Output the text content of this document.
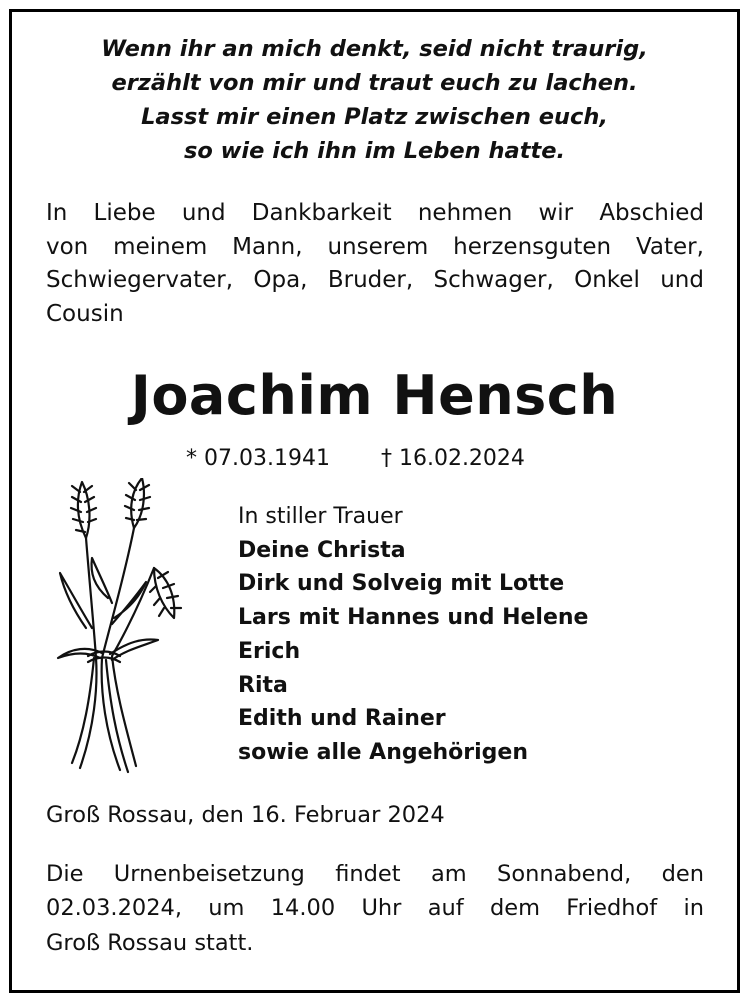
Wenn ihr an mich denkt, seid nicht traurig,
erzählt von mir und traut euch zu lachen.
Lasst mir einen Platz zwischen euch,
so wie ich ihn im Leben hatte.
In Liebe und Dankbarkeit nehmen wir Abschied
von meinem Mann, unserem herzensguten Vater,
Schwiegervater, Opa, Bruder, Schwager, Onkel und
Cousin
Joachim Hensch
* 07.03.1941 † 16.02.2024
In stiller Trauer
Deine Christa
Dirk und Solveig mit Lotte
Lars mit Hannes und Helene
Erich
Rita
Edith und Rainer
sowie alle Angehörigen
Groß Rossau, den 16. Februar 2024
Die Urnenbeisetzung findet am Sonnabend, den
02.03.2024, um 14.00 Uhr auf dem Friedhof in
Groß Rossau statt.
